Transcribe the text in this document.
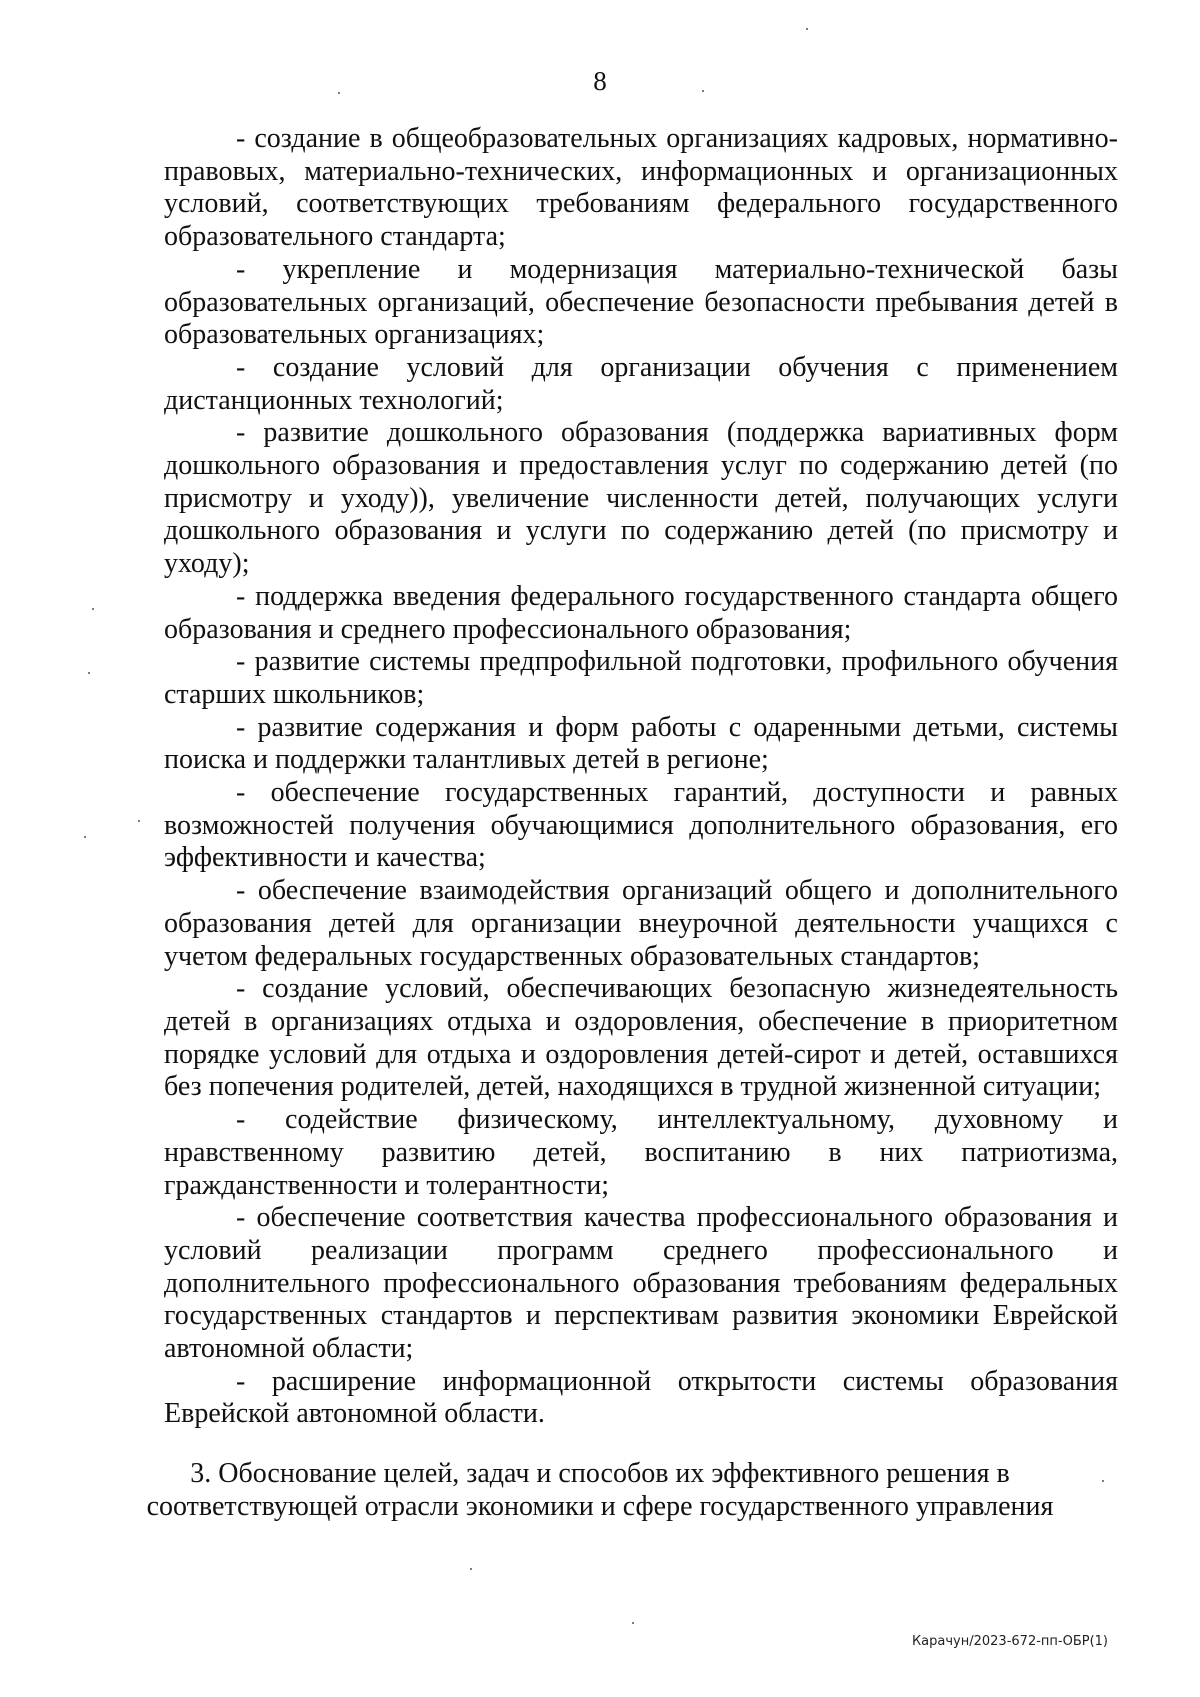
8

- создание в общеобразовательных организациях кадровых, нормативно-правовых, материально-технических, информационных и организационных условий, соответствующих требованиям федерального государственного образовательного стандарта;

- укрепление и модернизация материально-технической базы образовательных организаций, обеспечение безопасности пребывания детей в образовательных организациях;

- создание условий для организации обучения с применением дистанционных технологий;

- развитие дошкольного образования (поддержка вариативных форм дошкольного образования и предоставления услуг по содержанию детей (по присмотру и уходу)), увеличение численности детей, получающих услуги дошкольного образования и услуги по содержанию детей (по присмотру и уходу);

- поддержка введения федерального государственного стандарта общего образования и среднего профессионального образования;

- развитие системы предпрофильной подготовки, профильного обучения старших школьников;

- развитие содержания и форм работы с одаренными детьми, системы поиска и поддержки талантливых детей в регионе;

- обеспечение государственных гарантий, доступности и равных возможностей получения обучающимися дополнительного образования, его эффективности и качества;

- обеспечение взаимодействия организаций общего и дополнительного образования детей для организации внеурочной деятельности учащихся с учетом федеральных государственных образовательных стандартов;

- создание условий, обеспечивающих безопасную жизнедеятельность детей в организациях отдыха и оздоровления, обеспечение в приоритетном порядке условий для отдыха и оздоровления детей-сирот и детей, оставшихся без попечения родителей, детей, находящихся в трудной жизненной ситуации;

- содействие физическому, интеллектуальному, духовному и нравственному развитию детей, воспитанию в них патриотизма, гражданственности и толерантности;

- обеспечение соответствия качества профессионального образования и условий реализации программ среднего профессионального и дополнительного профессионального образования требованиям федеральных государственных стандартов и перспективам развития экономики Еврейской автономной области;

- расширение информационной открытости системы образования Еврейской автономной области.

3. Обоснование целей, задач и способов их эффективного решения в
соответствующей отрасли экономики и сфере государственного управления
Карачун/2023-672-пп-ОБР(1)
